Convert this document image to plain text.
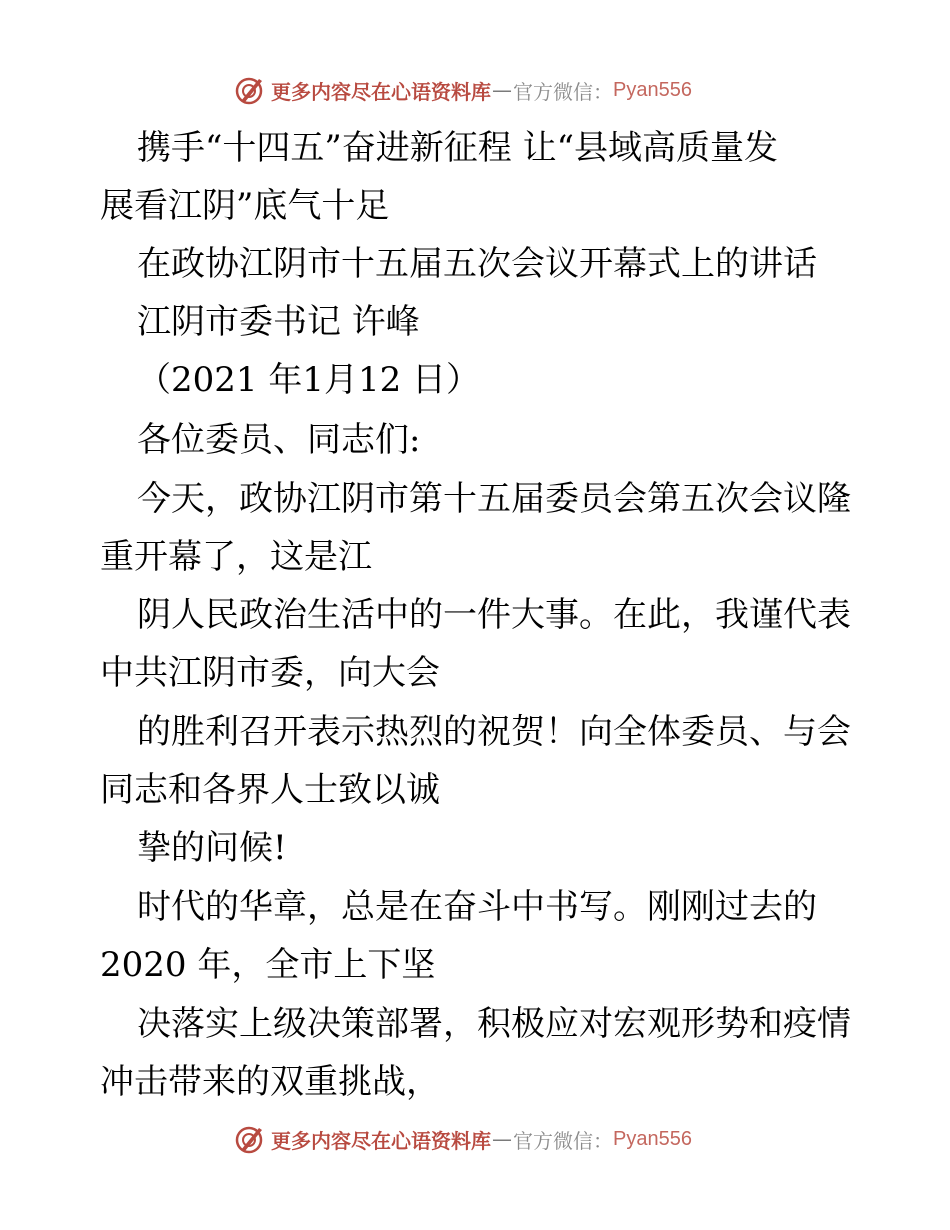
更多内容尽在心语资料库 — 官方微信： Pyan556
携手“十四五”奋进新征程 让“县域高质量发
展看江阴”底气十足
在政协江阴市十五届五次会议开幕式上的讲话
江阴市委书记 许峰
（2021 年1月12 日）
各位委员、同志们:
今天，政协江阴市第十五届委员会第五次会议隆
重开幕了，这是江
阴人民政治生活中的一件大事。在此，我谨代表
中共江阴市委，向大会
的胜利召开表示热烈的祝贺！向全体委员、与会
同志和各界人士致以诚
挚的问候!
时代的华章，总是在奋斗中书写。刚刚过去的
2020 年，全市上下坚
决落实上级决策部署，积极应对宏观形势和疫情
冲击带来的双重挑战，
更多内容尽在心语资料库 — 官方微信： Pyan556
